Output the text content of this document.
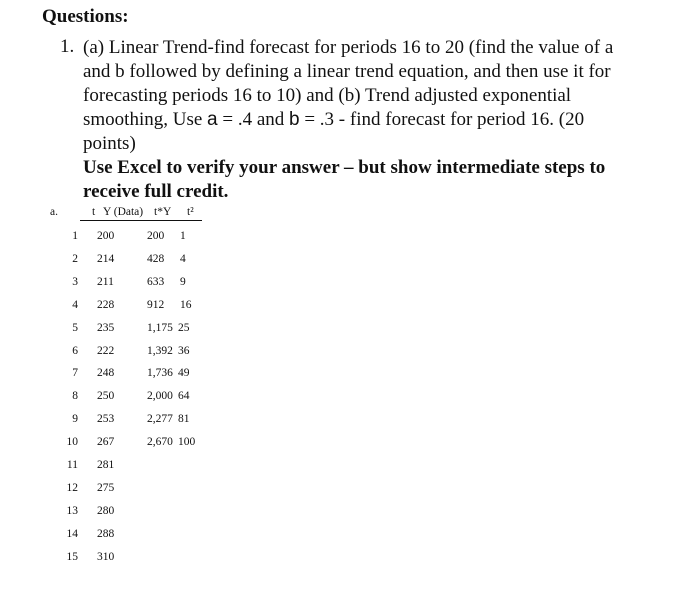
Questions:
1. (a) Linear Trend-find forecast for periods 16 to 20 (find the value of a
and b followed by defining a linear trend equation, and then use it for
forecasting periods 16 to 10) and (b) Trend adjusted exponential
smoothing, Use a = .4 and b = .3 - find forecast for period 16. (20
points)
Use Excel to verify your answer – but show intermediate steps to
receive full credit.
a.	t Y (Data) t*Y t²
1 200	200 1
2 214	428 4
3 211	633 9
4 228	912 16
5 235	1,175 25
6 222	1,392 36
7 248	1,736 49
8 250	2,000 64
9 253	2,277 81
10 267	2,670 100
11 281
12 275
13 280
14 288
15 310
